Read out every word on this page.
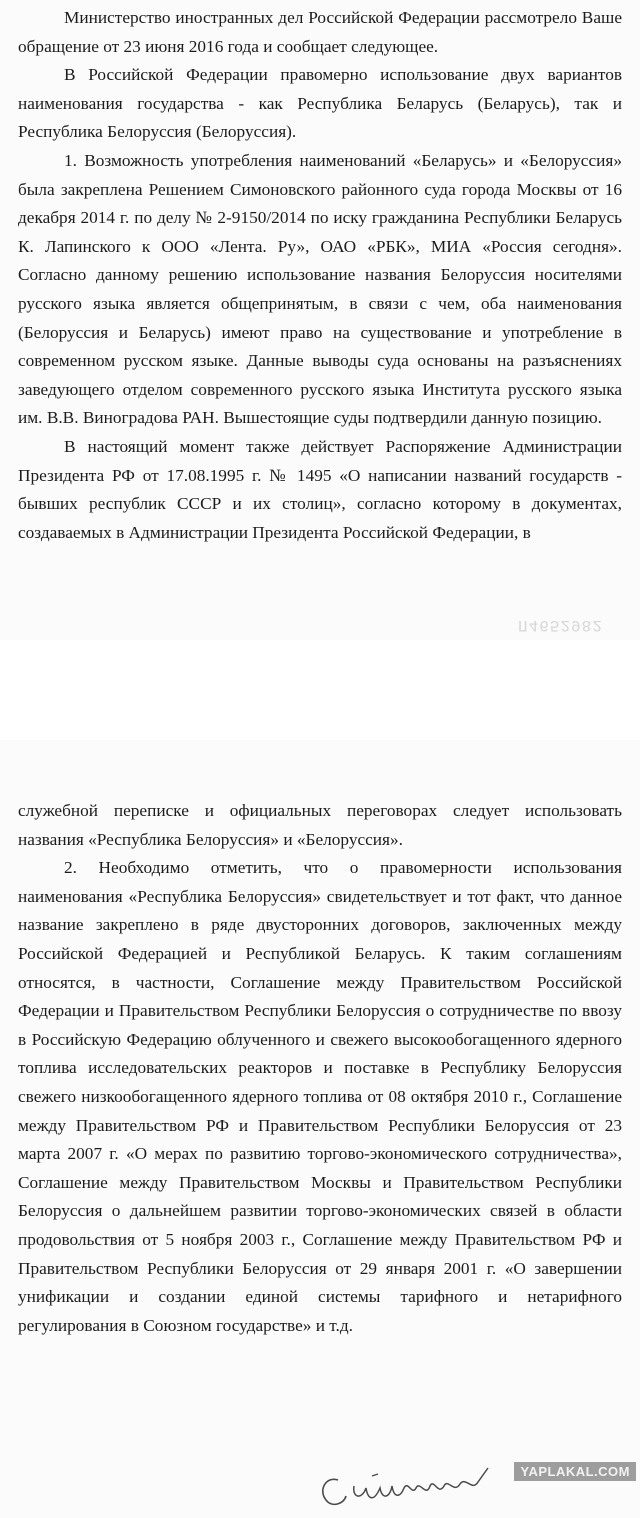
Министерство иностранных дел Российской Федерации рассмотрело Ваше обращение от 23 июня 2016 года и сообщает следующее.

В Российской Федерации правомерно использование двух вариантов наименования государства - как Республика Беларусь (Беларусь), так и Республика Белоруссия (Белоруссия).

1. Возможность употребления наименований «Беларусь» и «Белоруссия» была закреплена Решением Симоновского районного суда города Москвы от 16 декабря 2014 г. по делу № 2-9150/2014 по иску гражданина Республики Беларусь К. Лапинского к ООО «Лента. Ру», ОАО «РБК», МИА «Россия сегодня». Согласно данному решению использование названия Белоруссия носителями русского языка является общепринятым, в связи с чем, оба наименования (Белоруссия и Беларусь) имеют право на существование и употребление в современном русском языке. Данные выводы суда основаны на разъяснениях заведующего отделом современного русского языка Института русского языка им. В.В. Виноградова РАН. Вышестоящие суды подтвердили данную позицию.

В настоящий момент также действует Распоряжение Администрации Президента РФ от 17.08.1995 г. № 1495 «О написании названий государств - бывших республик СССР и их столиц», согласно которому в документах, создаваемых в Администрации Президента Российской Федерации, в

П4652982

служебной переписке и официальных переговорах следует использовать названия «Республика Белоруссия» и «Белоруссия».

2. Необходимо отметить, что о правомерности использования наименования «Республика Белоруссия» свидетельствует и тот факт, что данное название закреплено в ряде двусторонних договоров, заключенных между Российской Федерацией и Республикой Беларусь. К таким соглашениям относятся, в частности, Соглашение между Правительством Российской Федерации и Правительством Республики Белоруссия о сотрудничестве по ввозу в Российскую Федерацию облученного и свежего высокообогащенного ядерного топлива исследовательских реакторов и поставке в Республику Белоруссия свежего низкообогащенного ядерного топлива от 08 октября 2010 г., Соглашение между Правительством РФ и Правительством Республики Белоруссия от 23 марта 2007 г. «О мерах по развитию торгово-экономического сотрудничества», Соглашение между Правительством Москвы и Правительством Республики Белоруссия о дальнейшем развитии торгово-экономических связей в области продовольствия от 5 ноября 2003 г., Соглашение между Правительством РФ и Правительством Республики Белоруссия от 29 января 2001 г. «О завершении унификации и создании единой системы тарифного и нетарифного регулирования в Союзном государстве» и т.д.

YAPLAKAL.COM
